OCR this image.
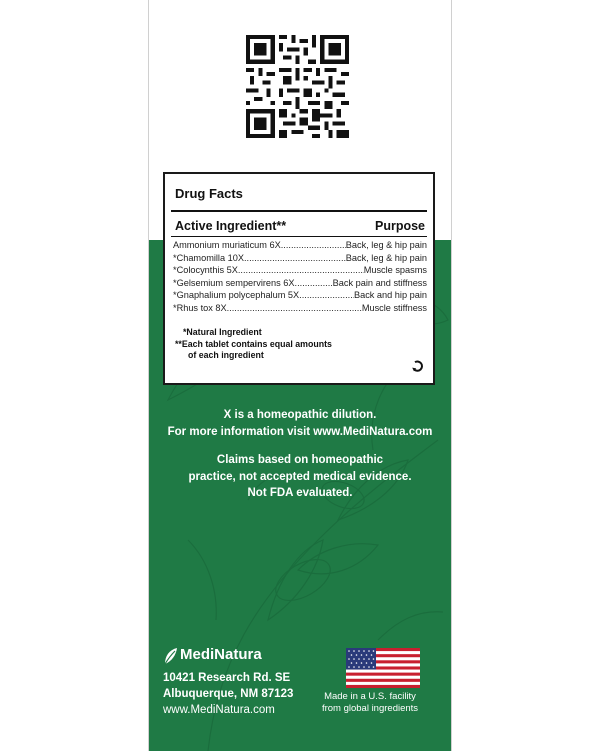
Drug Facts
Active Ingredient**	Purpose
Ammonium muriaticum 6X .....	Back, leg & hip pain
*Chamomilla 10X .....	Back, leg & hip pain
*Colocynthis 5X .....	Muscle spasms
*Gelsemium sempervirens 6X .....	Back pain and stiffness
*Gnaphalium polycephalum 5X .....	Back and hip pain
*Rhus tox 8X .....	Muscle stiffness
*Natural Ingredient
**Each tablet contains equal amounts
of each ingredient
X is a homeopathic dilution.
For more information visit www.MediNatura.com
Claims based on homeopathic
practice, not accepted medical evidence.
Not FDA evaluated.
MediNatura
10421 Research Rd. SE
Albuquerque, NM 87123
www.MediNatura.com
Made in a U.S. facility
from global ingredients
